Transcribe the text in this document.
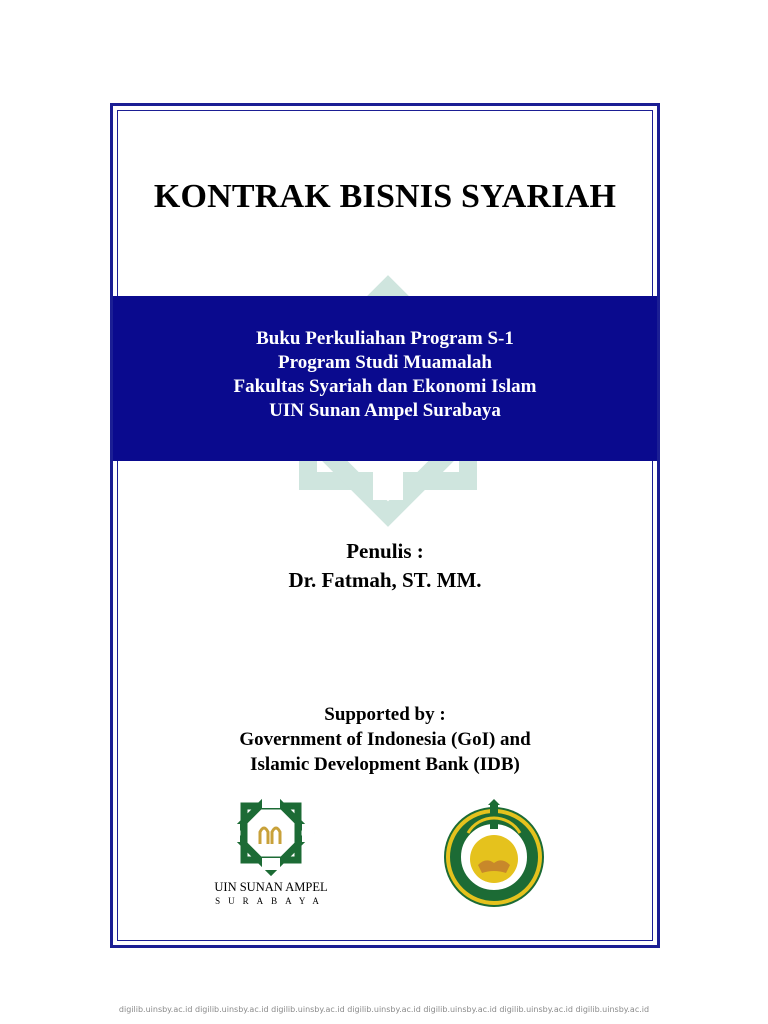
KONTRAK BISNIS SYARIAH
Buku Perkuliahan Program S-1
Program Studi Muamalah
Fakultas Syariah dan Ekonomi Islam
UIN Sunan Ampel Surabaya
Penulis :
Dr. Fatmah, ST. MM.
Supported by :
Government of Indonesia (GoI) and
Islamic Development Bank (IDB)
UIN SUNAN AMPEL
SURABAYA
digilib.uinsby.ac.id digilib.uinsby.ac.id digilib.uinsby.ac.id digilib.uinsby.ac.id digilib.uinsby.ac.id digilib.uinsby.ac.id digilib.uinsby.ac.id
